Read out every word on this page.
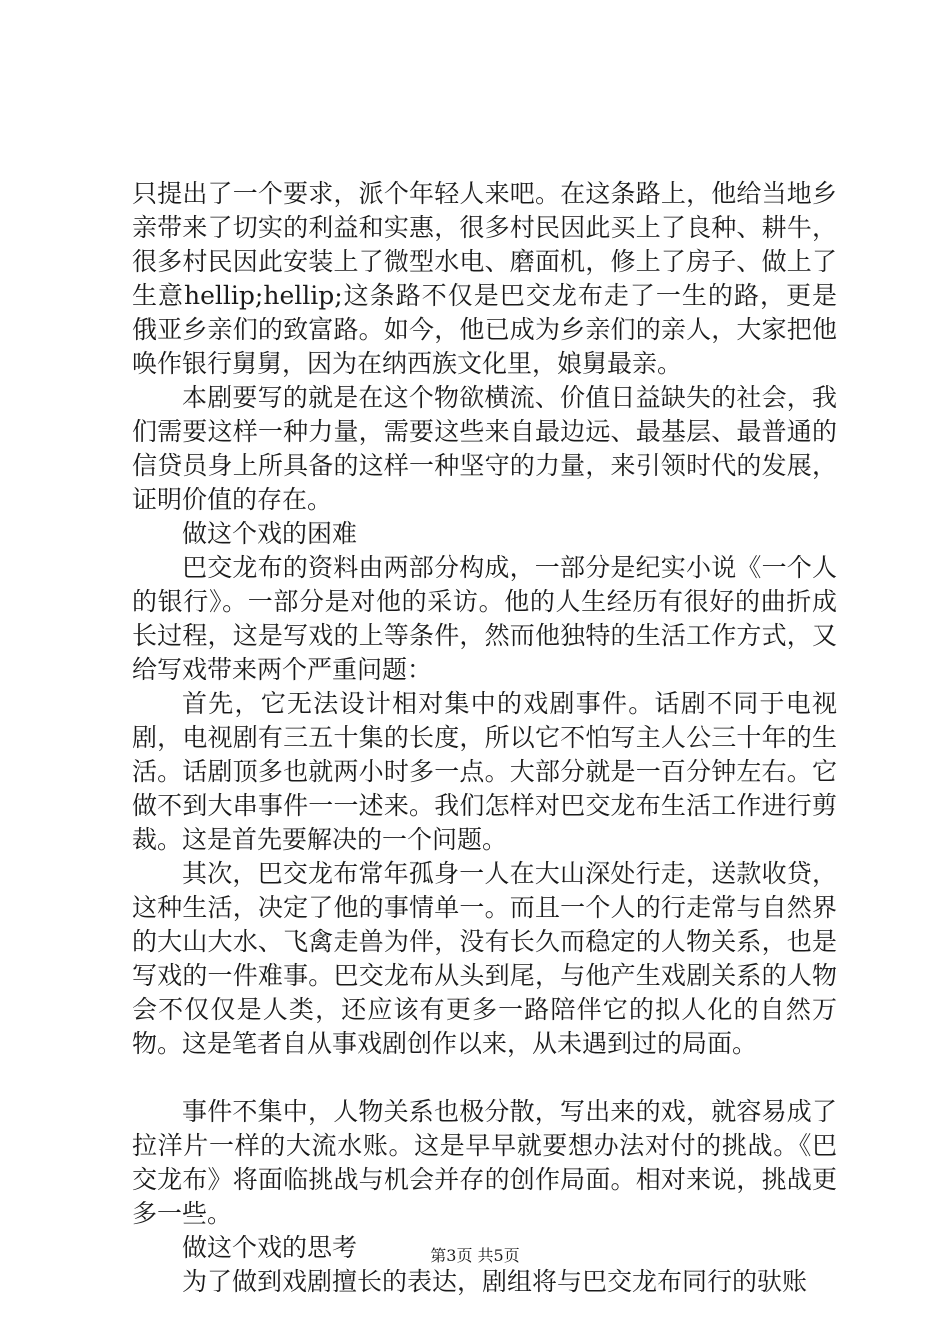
只提出了一个要求，派个年轻人来吧。在这条路上，他给当地乡亲带来了切实的利益和实惠，很多村民因此买上了良种、耕牛，很多村民因此安装上了微型水电、磨面机，修上了房子、做上了生意hellip;hellip;这条路不仅是巴交龙布走了一生的路，更是俄亚乡亲们的致富路。如今，他已成为乡亲们的亲人，大家把他唤作银行舅舅，因为在纳西族文化里，娘舅最亲。

本剧要写的就是在这个物欲横流、价值日益缺失的社会，我们需要这样一种力量，需要这些来自最边远、最基层、最普通的信贷员身上所具备的这样一种坚守的力量，来引领时代的发展，证明价值的存在。

做这个戏的困难

巴交龙布的资料由两部分构成，一部分是纪实小说《一个人的银行》。一部分是对他的采访。他的人生经历有很好的曲折成长过程，这是写戏的上等条件，然而他独特的生活工作方式，又给写戏带来两个严重问题：

首先，它无法设计相对集中的戏剧事件。话剧不同于电视剧，电视剧有三五十集的长度，所以它不怕写主人公三十年的生活。话剧顶多也就两小时多一点。大部分就是一百分钟左右。它做不到大串事件一一述来。我们怎样对巴交龙布生活工作进行剪裁。这是首先要解决的一个问题。

其次，巴交龙布常年孤身一人在大山深处行走，送款收贷，这种生活，决定了他的事情单一。而且一个人的行走常与自然界的大山大水、飞禽走兽为伴，没有长久而稳定的人物关系，也是写戏的一件难事。巴交龙布从头到尾，与他产生戏剧关系的人物会不仅仅是人类，还应该有更多一路陪伴它的拟人化的自然万物。这是笔者自从事戏剧创作以来，从未遇到过的局面。

事件不集中，人物关系也极分散，写出来的戏，就容易成了拉洋片一样的大流水账。这是早早就要想办法对付的挑战。《巴交龙布》将面临挑战与机会并存的创作局面。相对来说，挑战更多一些。

做这个戏的思考

为了做到戏剧擅长的表达，剧组将与巴交龙布同行的驮账

第3页 共5页
